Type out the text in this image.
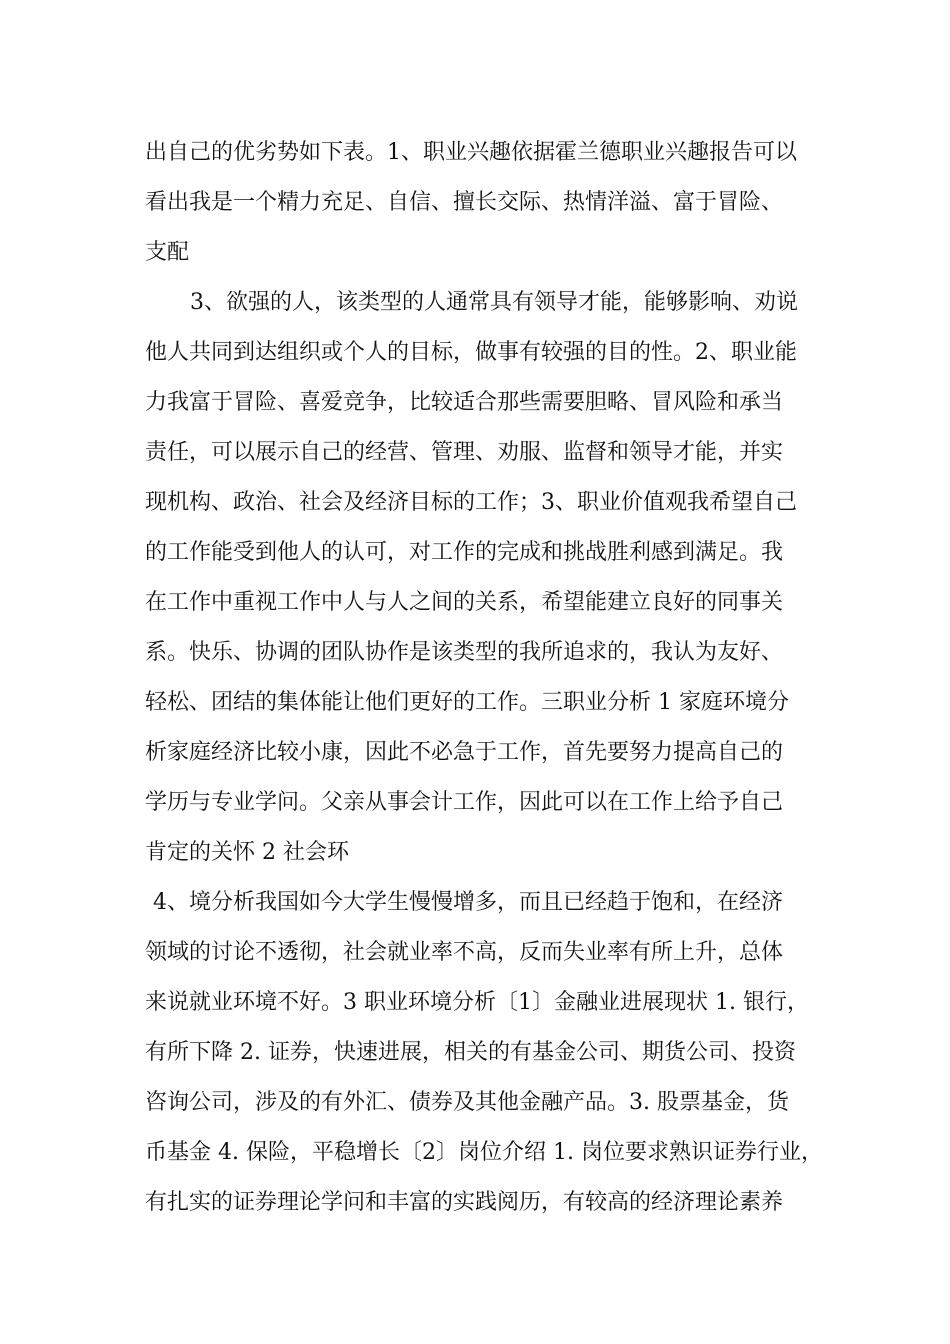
出自己的优劣势如下表。1、职业兴趣依据霍兰德职业兴趣报告可以
看出我是一个精力充足、自信、擅长交际、热情洋溢、富于冒险、
支配
3、欲强的人，该类型的人通常具有领导才能，能够影响、劝说
他人共同到达组织或个人的目标，做事有较强的目的性。2、职业能
力我富于冒险、喜爱竞争，比较适合那些需要胆略、冒风险和承当
责任，可以展示自己的经营、管理、劝服、监督和领导才能，并实
现机构、政治、社会及经济目标的工作；3、职业价值观我希望自己
的工作能受到他人的认可，对工作的完成和挑战胜利感到满足。我
在工作中重视工作中人与人之间的关系，希望能建立良好的同事关
系。快乐、协调的团队协作是该类型的我所追求的，我认为友好、
轻松、团结的集体能让他们更好的工作。三职业分析 1 家庭环境分
析家庭经济比较小康，因此不必急于工作，首先要努力提高自己的
学历与专业学问。父亲从事会计工作，因此可以在工作上给予自己
肯定的关怀 2 社会环
4、境分析我国如今大学生慢慢增多，而且已经趋于饱和，在经济
领域的讨论不透彻，社会就业率不高，反而失业率有所上升，总体
来说就业环境不好。3 职业环境分析〔1〕金融业进展现状 1. 银行，
有所下降 2. 证券，快速进展，相关的有基金公司、期货公司、投资
咨询公司，涉及的有外汇、债券及其他金融产品。3. 股票基金，货
币基金 4. 保险，平稳增长〔2〕岗位介绍 1. 岗位要求熟识证券行业，
有扎实的证券理论学问和丰富的实践阅历，有较高的经济理论素养
